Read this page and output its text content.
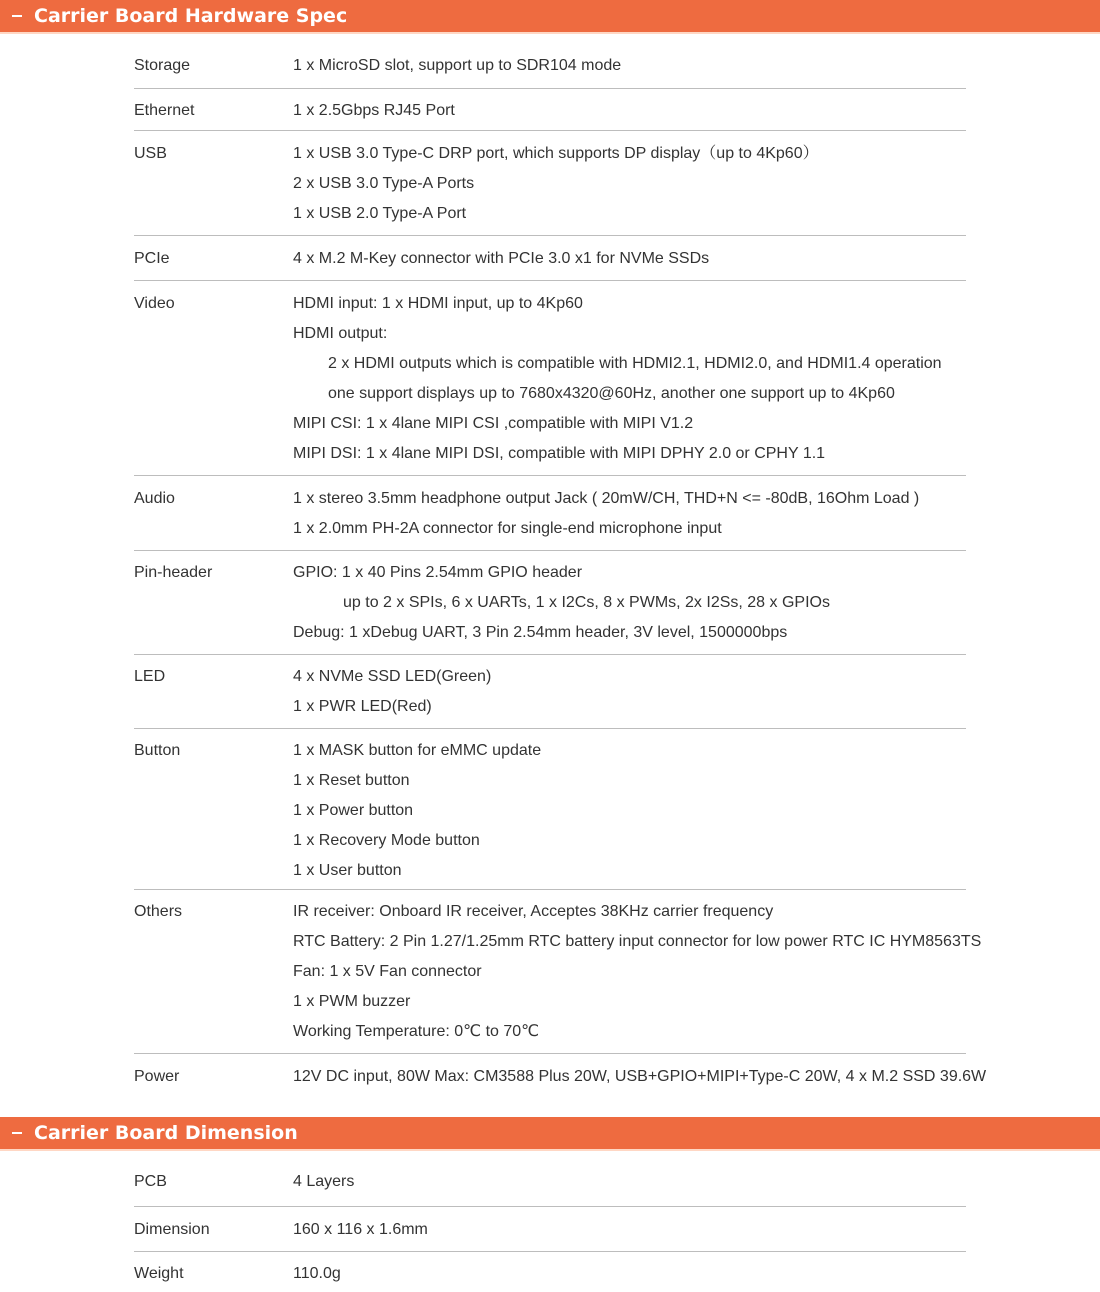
Carrier Board Hardware Spec
Storage	1 x MicroSD slot, support up to SDR104 mode
Ethernet	1 x 2.5Gbps RJ45 Port
USB	1 x USB 3.0 Type-C DRP port, which supports DP display（up to 4Kp60）
2 x USB 3.0 Type-A Ports
1 x USB 2.0 Type-A Port
PCIe	4 x M.2 M-Key connector with PCIe 3.0 x1 for NVMe SSDs
Video	HDMI input: 1 x HDMI input, up to 4Kp60
HDMI output:
2 x HDMI outputs which is compatible with HDMI2.1, HDMI2.0, and HDMI1.4 operation
one support displays up to 7680x4320@60Hz, another one support up to 4Kp60
MIPI CSI: 1 x 4lane MIPI CSI ,compatible with MIPI V1.2
MIPI DSI: 1 x 4lane MIPI DSI, compatible with MIPI DPHY 2.0 or CPHY 1.1
Audio	1 x stereo 3.5mm headphone output Jack ( 20mW/CH, THD+N <= -80dB, 16Ohm Load )
1 x 2.0mm PH-2A connector for single-end microphone input
Pin-header	GPIO: 1 x 40 Pins 2.54mm GPIO header
up to 2 x SPIs, 6 x UARTs, 1 x I2Cs, 8 x PWMs, 2x I2Ss, 28 x GPIOs
Debug: 1 xDebug UART, 3 Pin 2.54mm header, 3V level, 1500000bps
LED	4 x NVMe SSD LED(Green)
1 x PWR LED(Red)
Button	1 x MASK button for eMMC update
1 x Reset button
1 x Power button
1 x Recovery Mode button
1 x User button
Others	IR receiver: Onboard IR receiver, Acceptes 38KHz carrier frequency
RTC Battery: 2 Pin 1.27/1.25mm RTC battery input connector for low power RTC IC HYM8563TS
Fan: 1 x 5V Fan connector
1 x PWM buzzer
Working Temperature: 0℃ to 70℃
Power	12V DC input, 80W Max: CM3588 Plus 20W, USB+GPIO+MIPI+Type-C 20W, 4 x M.2 SSD 39.6W
Carrier Board Dimension
PCB	4 Layers
Dimension	160 x 116 x 1.6mm
Weight	110.0g
